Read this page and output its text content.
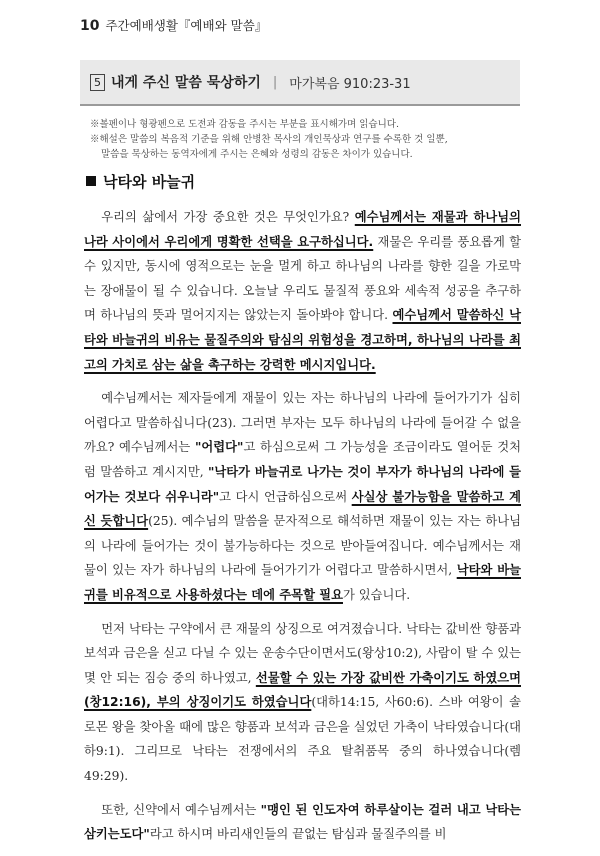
10 주간예배생활『예배와 말씀』
5 내게 주신 말씀 묵상하기 | 마가복음 910:23-31

※볼펜이나 형광펜으로 도전과 감동을 주시는 부분을 표시해가며 읽습니다.

※해설은 말씀의 복음적 기준을 위해 안병찬 목사의 개인묵상과 연구를 수록한 것 일뿐,

말씀을 묵상하는 동역자에게 주시는 은혜와 성령의 감동은 차이가 있습니다.

낙타와 바늘귀

우리의 삶에서 가장 중요한 것은 무엇인가요? 예수님께서는 재물과 하나님의 나라 사이에서 우리에게 명확한 선택을 요구하십니다. 재물은 우리를 풍요롭게 할 수 있지만, 동시에 영적으로는 눈을 멀게 하고 하나님의 나라를 향한 길을 가로막는 장애물이 될 수 있습니다. 오늘날 우리도 물질적 풍요와 세속적 성공을 추구하며 하나님의 뜻과 멀어지지는 않았는지 돌아봐야 합니다. 예수님께서 말씀하신 낙타와 바늘귀의 비유는 물질주의와 탐심의 위험성을 경고하며, 하나님의 나라를 최고의 가치로 삼는 삶을 촉구하는 강력한 메시지입니다.

예수님께서는 제자들에게 재물이 있는 자는 하나님의 나라에 들어가기가 심히 어렵다고 말씀하십니다(23). 그러면 부자는 모두 하나님의 나라에 들어갈 수 없을까요? 예수님께서는 "어렵다"고 하심으로써 그 가능성을 조금이라도 열어둔 것처럼 말씀하고 계시지만, "낙타가 바늘귀로 나가는 것이 부자가 하나님의 나라에 들어가는 것보다 쉬우니라"고 다시 언급하심으로써 사실상 불가능함을 말씀하고 계신 듯합니다(25). 예수님의 말씀을 문자적으로 해석하면 재물이 있는 자는 하나님의 나라에 들어가는 것이 불가능하다는 것으로 받아들여집니다. 예수님께서는 재물이 있는 자가 하나님의 나라에 들어가기가 어렵다고 말씀하시면서, 낙타와 바늘귀를 비유적으로 사용하셨다는 데에 주목할 필요가 있습니다.

먼저 낙타는 구약에서 큰 재물의 상징으로 여겨졌습니다. 낙타는 값비싼 향품과 보석과 금은을 싣고 다닐 수 있는 운송수단이면서도(왕상10:2), 사람이 탈 수 있는 몇 안 되는 짐승 중의 하나였고, 선물할 수 있는 가장 값비싼 가축이기도 하였으며(창12:16), 부의 상징이기도 하였습니다(대하14:15, 사60:6). 스바 여왕이 솔로몬 왕을 찾아올 때에 많은 향품과 보석과 금은을 실었던 가축이 낙타였습니다(대하9:1). 그리므로 낙타는 전쟁에서의 주요 탈취품목 중의 하나였습니다(렘49:29).

또한, 신약에서 예수님께서는 "맹인 된 인도자여 하루살이는 걸러 내고 낙타는 삼키는도다"라고 하시며 바리새인들의 끝없는 탐심과 물질주의를 비
